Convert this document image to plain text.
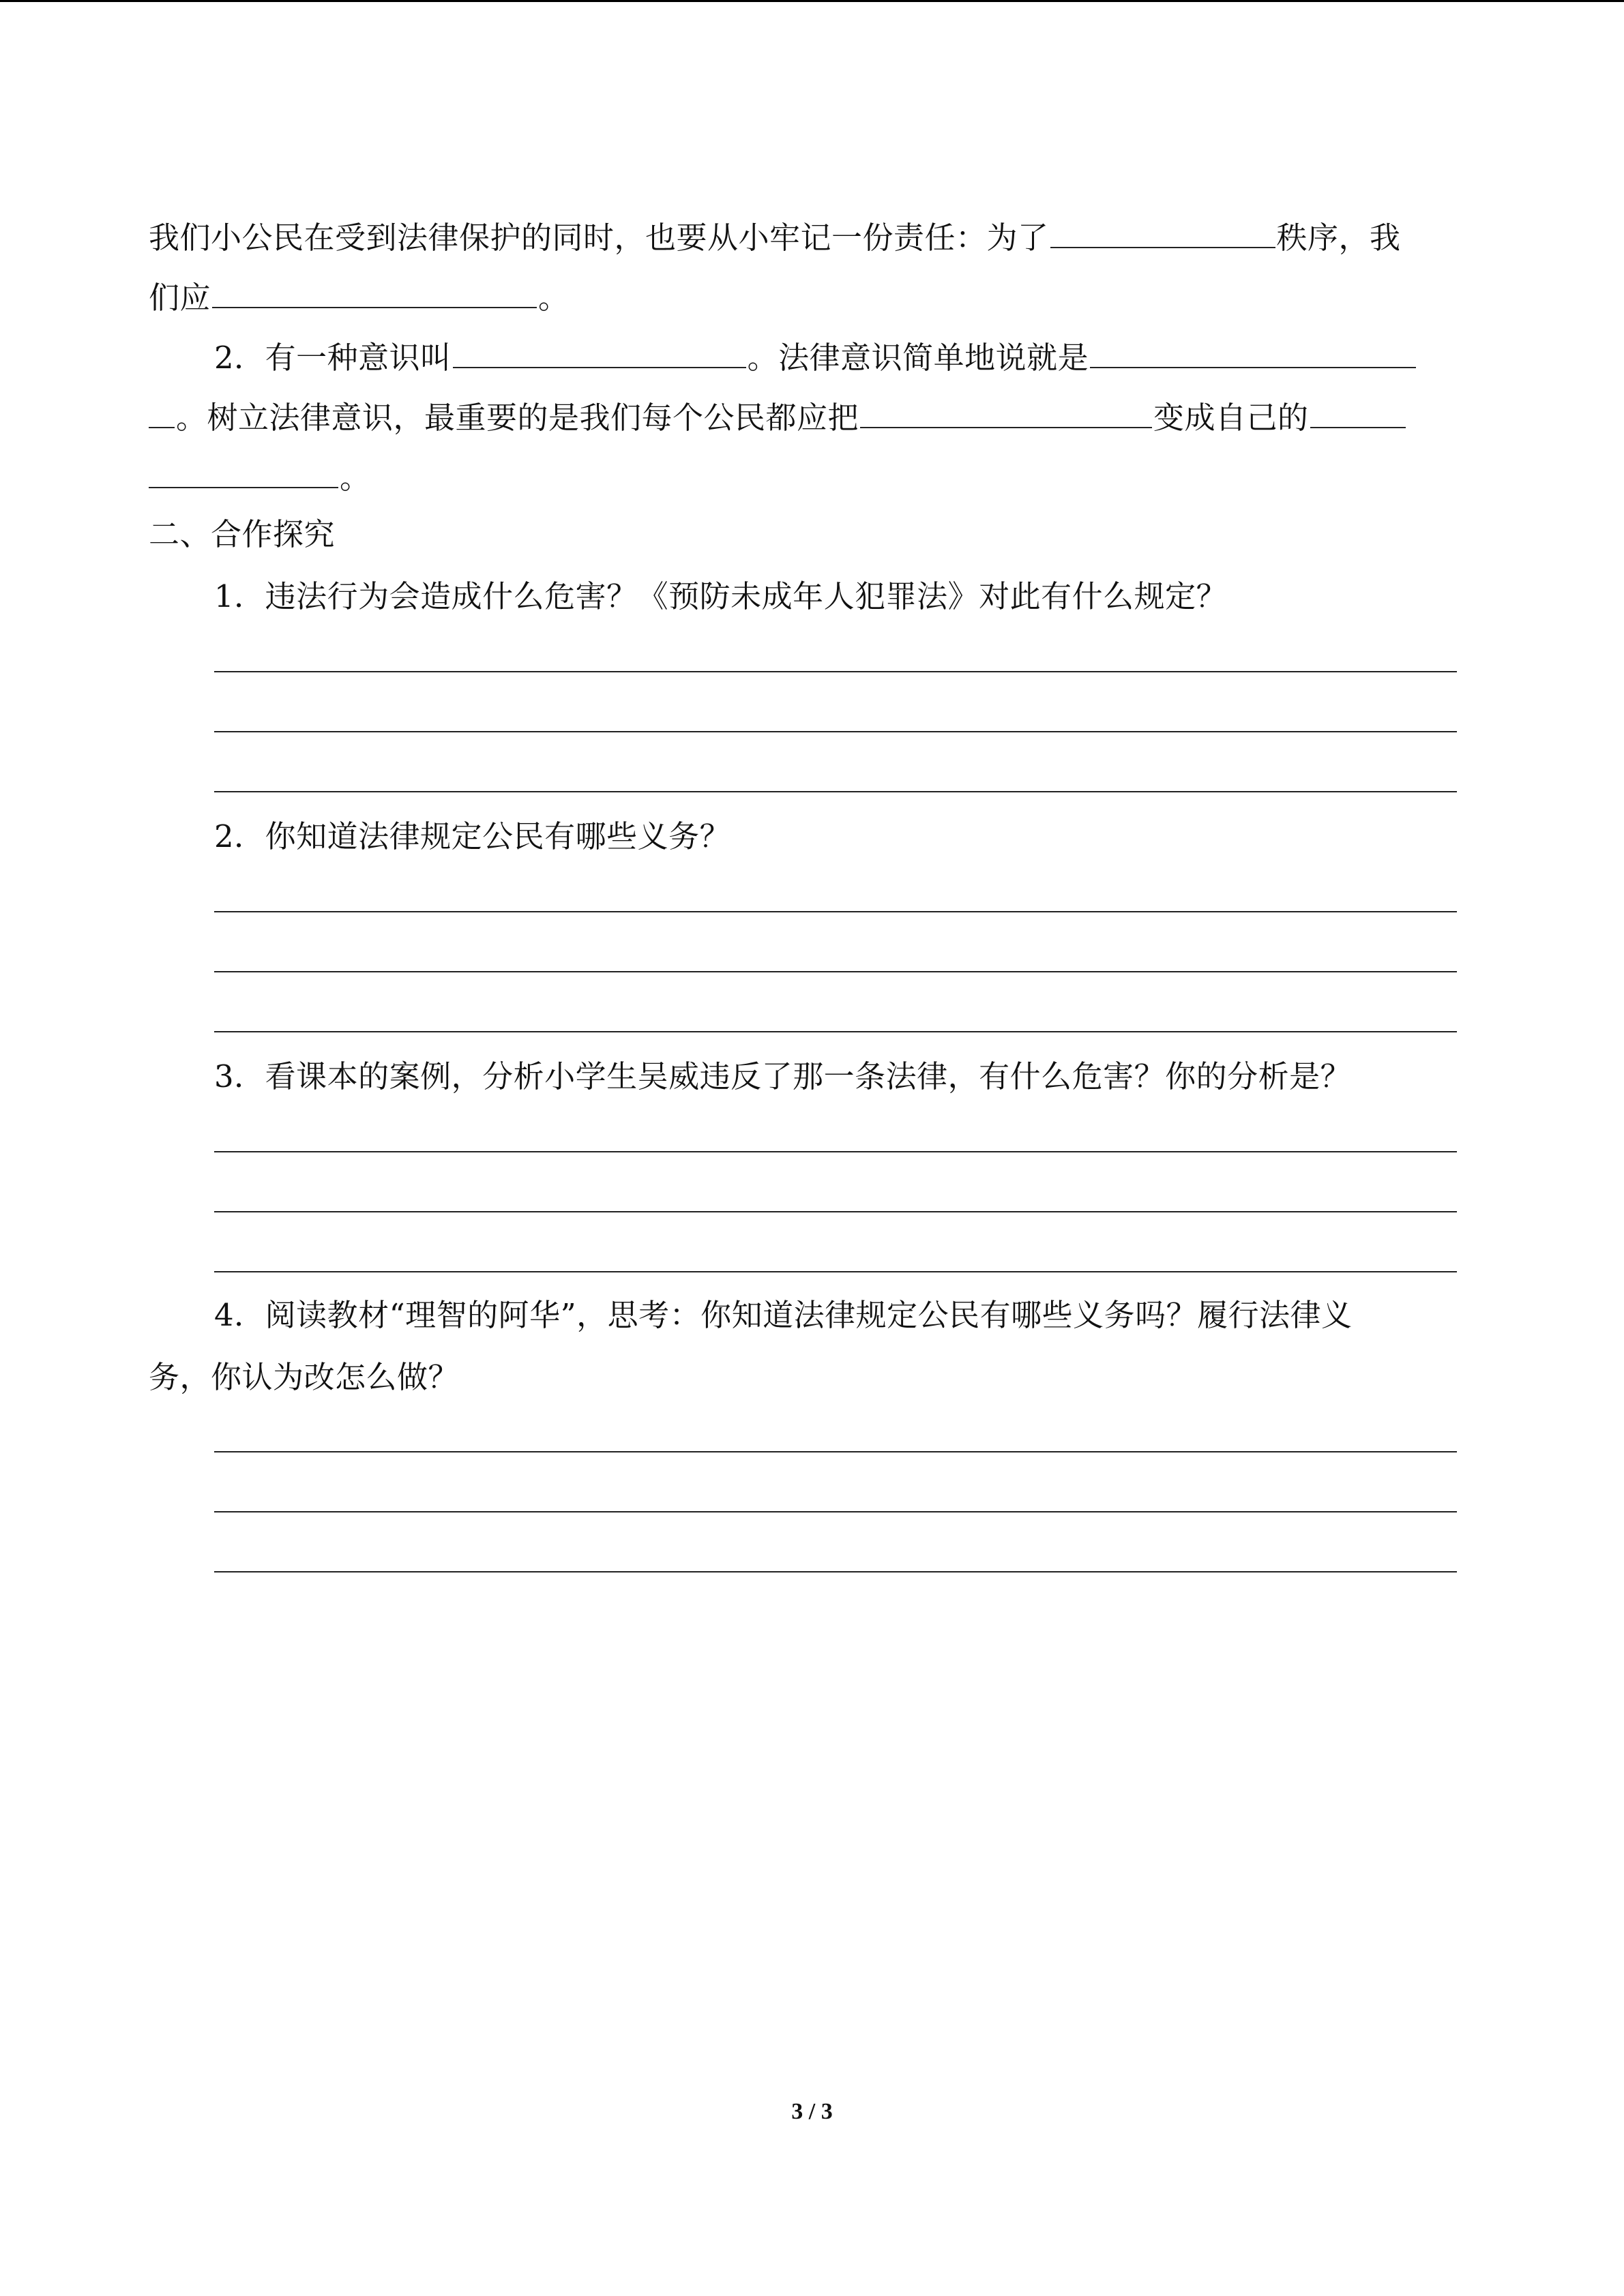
我们小公民在受到法律保护的同时，也要从小牢记一份责任：为了	秩序，我
们应	。
2．有一种意识叫	。法律意识简单地说就是
。树立法律意识，最重要的是我们每个公民都应把	变成自己的
。
二、合作探究
1．违法行为会造成什么危害？《预防未成年人犯罪法》对此有什么规定？
2．你知道法律规定公民有哪些义务？
3．看课本的案例，分析小学生吴威违反了那一条法律，有什么危害？你的分析是？
4．阅读教材“理智的阿华”，思考：你知道法律规定公民有哪些义务吗？履行法律义
务，你认为改怎么做？
3 / 3
